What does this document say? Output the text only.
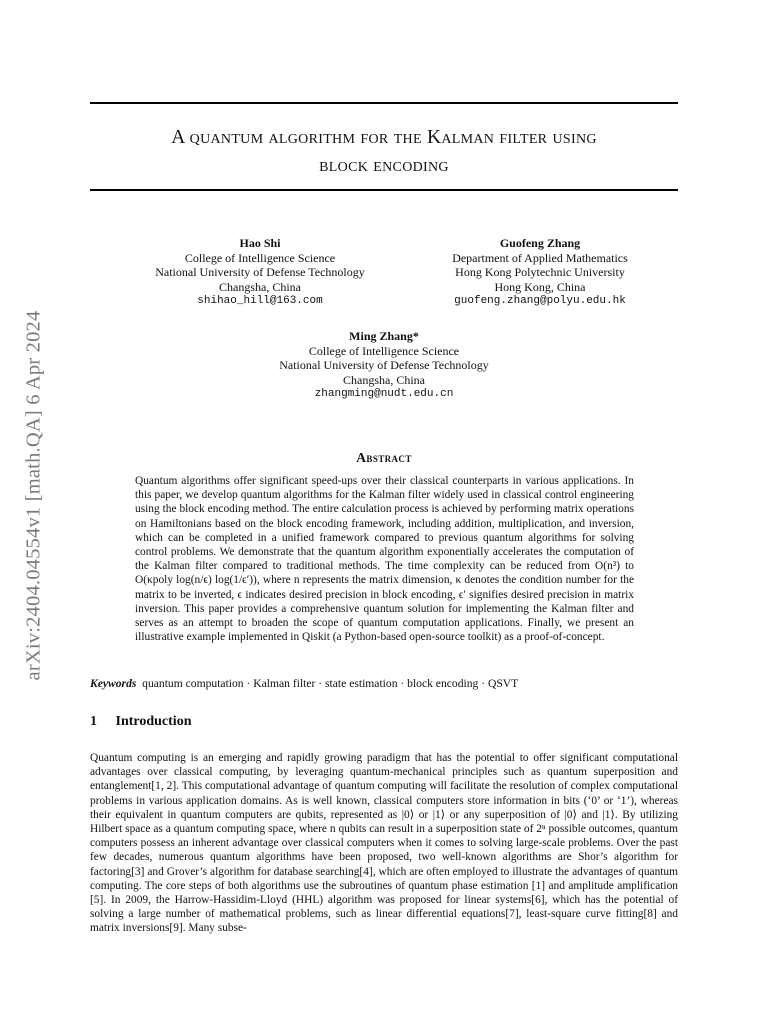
arXiv:2404.04554v1 [math.QA] 6 Apr 2024
A quantum algorithm for the Kalman filter using
block encoding
Hao Shi
College of Intelligence Science
National University of Defense Technology
Changsha, China
shihao_hill@163.com
Guofeng Zhang
Department of Applied Mathematics
Hong Kong Polytechnic University
Hong Kong, China
guofeng.zhang@polyu.edu.hk
Ming Zhang*
College of Intelligence Science
National University of Defense Technology
Changsha, China
zhangming@nudt.edu.cn
Abstract
Quantum algorithms offer significant speed-ups over their classical counterparts in various applications. In this paper, we develop quantum algorithms for the Kalman filter widely used in classical control engineering using the block encoding method. The entire calculation process is achieved by performing matrix operations on Hamiltonians based on the block encoding framework, including addition, multiplication, and inversion, which can be completed in a unified framework compared to previous quantum algorithms for solving control problems. We demonstrate that the quantum algorithm exponentially accelerates the computation of the Kalman filter compared to traditional methods. The time complexity can be reduced from O(n³) to O(κpoly log(n/ϵ) log(1/ϵ′)), where n represents the matrix dimension, κ denotes the condition number for the matrix to be inverted, ϵ indicates desired precision in block encoding, ϵ′ signifies desired precision in matrix inversion. This paper provides a comprehensive quantum solution for implementing the Kalman filter and serves as an attempt to broaden the scope of quantum computation applications. Finally, we present an illustrative example implemented in Qiskit (a Python-based open-source toolkit) as a proof-of-concept.
Keywords quantum computation · Kalman filter · state estimation · block encoding · QSVT
1 Introduction
Quantum computing is an emerging and rapidly growing paradigm that has the potential to offer significant computational advantages over classical computing, by leveraging quantum-mechanical principles such as quantum superposition and entanglement[1, 2]. This computational advantage of quantum computing will facilitate the resolution of complex computational problems in various application domains. As is well known, classical computers store information in bits (‘0’ or ‘1’), whereas their equivalent in quantum computers are qubits, represented as |0⟩ or |1⟩ or any superposition of |0⟩ and |1⟩. By utilizing Hilbert space as a quantum computing space, where n qubits can result in a superposition state of 2ⁿ possible outcomes, quantum computers possess an inherent advantage over classical computers when it comes to solving large-scale problems. Over the past few decades, numerous quantum algorithms have been proposed, two well-known algorithms are Shor’s algorithm for factoring[3] and Grover’s algorithm for database searching[4], which are often employed to illustrate the advantages of quantum computing. The core steps of both algorithms use the subroutines of quantum phase estimation [1] and amplitude amplification [5]. In 2009, the Harrow-Hassidim-Lloyd (HHL) algorithm was proposed for linear systems[6], which has the potential of solving a large number of mathematical problems, such as linear differential equations[7], least-square curve fitting[8] and matrix inversions[9]. Many subse-
